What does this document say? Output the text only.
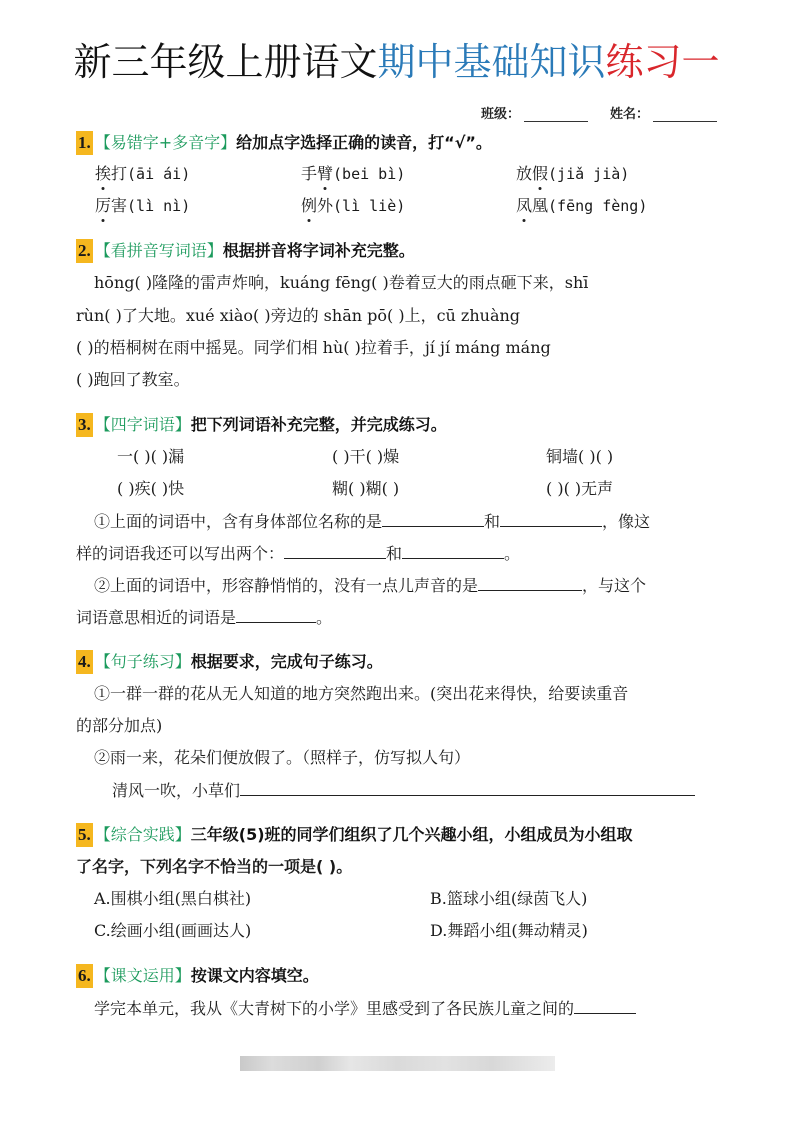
新三年级上册语文期中基础知识练习一
班级：	姓名：
1. 【易错字+多音字】 给加点字选择正确的读音，打“√”。
挨打(āi ái)	手臂(bei bì)	放假(jiǎ jià)
厉害(lì nì)	例外(lì liè)	凤凰(fēng fèng)
2. 【看拼音写词语】 根据拼音将字词补充完整。
hōng( )隆隆的雷声炸响，kuáng fēng( )卷着豆大的雨点砸下来，shī
rùn( )了大地。xué xiào( )旁边的 shān pō( )上，cū zhuàng
( )的梧桐树在雨中摇晃。同学们相 hù( )拉着手，jí jí máng máng
( )跑回了教室。
3. 【四字词语】 把下列词语补充完整，并完成练习。
一( )( )漏	( )干( )燥	铜墙( )( )
( )疾( )快	糊( )糊( )	( )( )无声
①上面的词语中，含有身体部位名称的是	和	，像这
样的词语我还可以写出两个：	和	。
②上面的词语中，形容静悄悄的，没有一点儿声音的是	，与这个
词语意思相近的词语是	。
4. 【句子练习】 根据要求，完成句子练习。
①一群一群的花从无人知道的地方突然跑出来。(突出花来得快，给要读重音
的部分加点)
②雨一来，花朵们便放假了。（照样子，仿写拟人句）
清风一吹，小草们
5. 【综合实践】 三年级(5)班的同学们组织了几个兴趣小组，小组成员为小组取
了名字，下列名字不恰当的一项是( )。
A.围棋小组(黑白棋社)	B.篮球小组(绿茵飞人)
C.绘画小组(画画达人)	D.舞蹈小组(舞动精灵)
6. 【课文运用】 按课文内容填空。
学完本单元，我从《大青树下的小学》里感受到了各民族儿童之间的
